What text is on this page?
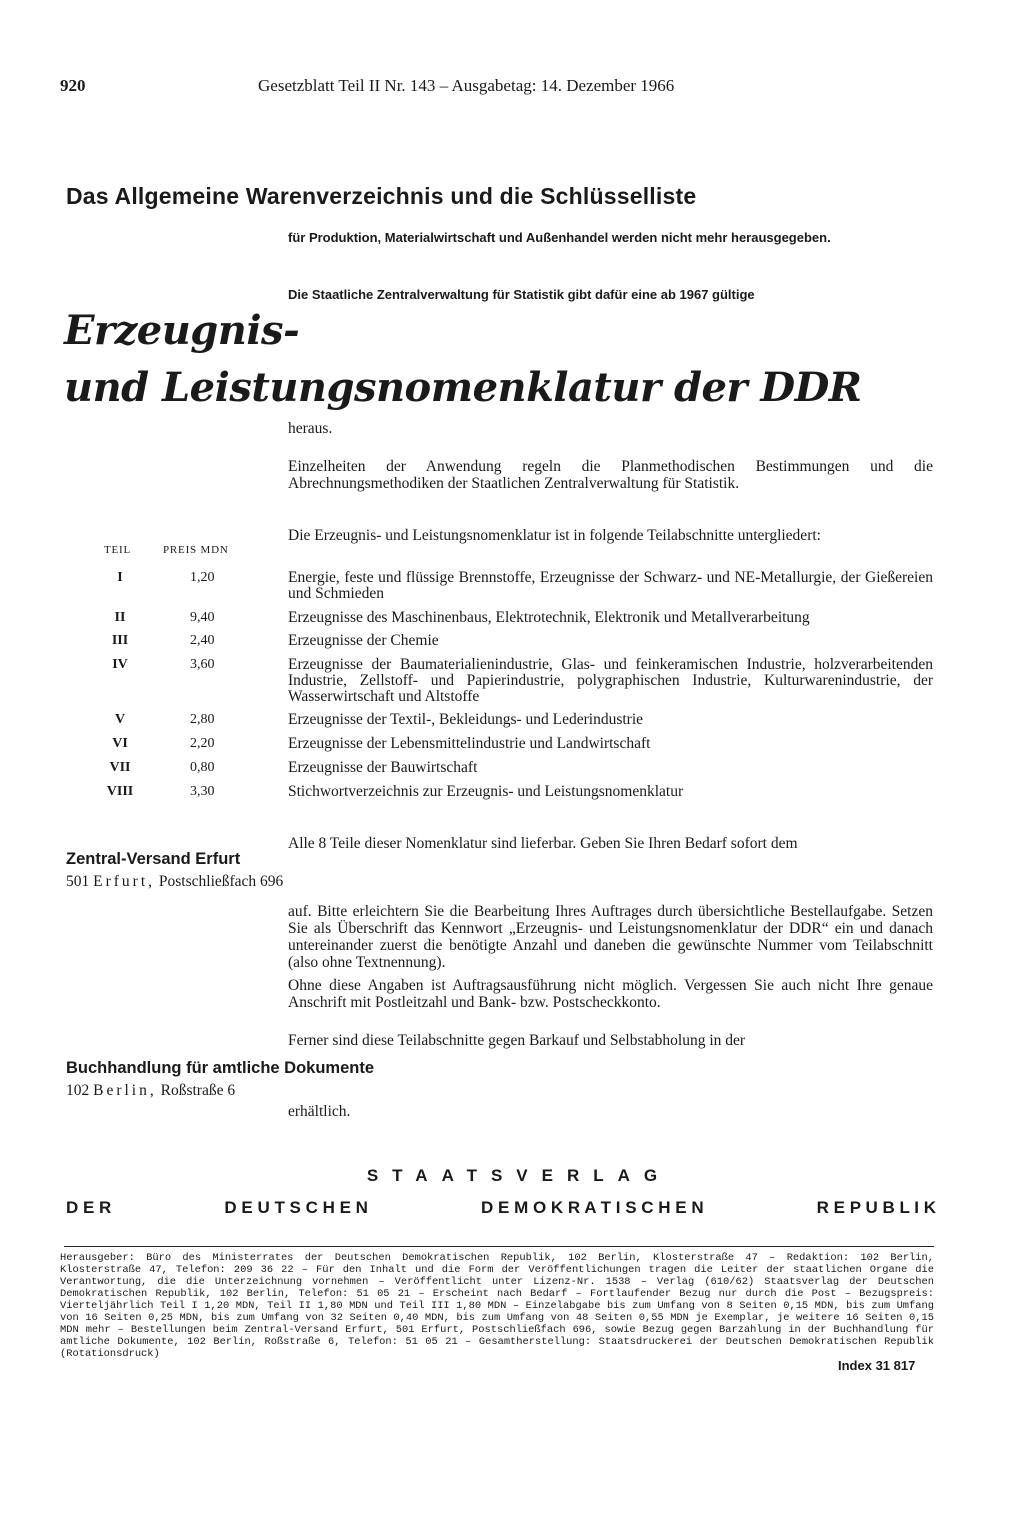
920	Gesetzblatt Teil II Nr. 143 – Ausgabetag: 14. Dezember 1966
Das Allgemeine Warenverzeichnis und die Schlüsselliste
für Produktion, Materialwirtschaft und Außenhandel werden nicht mehr herausgegeben.
Die Staatliche Zentralverwaltung für Statistik gibt dafür eine ab 1967 gültige
Erzeugnis-
und Leistungsnomenklatur der DDR
heraus.
Einzelheiten der Anwendung regeln die Planmethodischen Bestimmungen und die Abrechnungsmethodiken der Staatlichen Zentralverwaltung für Statistik.
Die Erzeugnis- und Leistungsnomenklatur ist in folgende Teilabschnitte untergliedert:
TEIL	PREIS MDN
I	1,20	Energie, feste und flüssige Brennstoffe, Erzeugnisse der Schwarz- und NE-Metallurgie, der Gießereien und Schmieden
II	9,40	Erzeugnisse des Maschinenbaus, Elektrotechnik, Elektronik und Metallverarbeitung
III	2,40	Erzeugnisse der Chemie
IV	3,60	Erzeugnisse der Baumaterialienindustrie, Glas- und feinkeramischen Industrie, holzverarbeitenden Industrie, Zellstoff- und Papierindustrie, polygraphischen Industrie, Kulturwarenindustrie, der Wasserwirtschaft und Altstoffe
V	2,80	Erzeugnisse der Textil-, Bekleidungs- und Lederindustrie
VI	2,20	Erzeugnisse der Lebensmittelindustrie und Landwirtschaft
VII	0,80	Erzeugnisse der Bauwirtschaft
VIII	3,30	Stichwortverzeichnis zur Erzeugnis- und Leistungsnomenklatur
Alle 8 Teile dieser Nomenklatur sind lieferbar. Geben Sie Ihren Bedarf sofort dem
Zentral-Versand Erfurt
501 Erfurt, Postschließfach 696
auf. Bitte erleichtern Sie die Bearbeitung Ihres Auftrages durch übersichtliche Bestellaufgabe. Setzen Sie als Überschrift das Kennwort „Erzeugnis- und Leistungsnomenklatur der DDR“ ein und danach untereinander zuerst die benötigte Anzahl und daneben die gewünschte Nummer vom Teilabschnitt (also ohne Textnennung).
Ohne diese Angaben ist Auftragsausführung nicht möglich. Vergessen Sie auch nicht Ihre genaue Anschrift mit Postleitzahl und Bank- bzw. Postscheckkonto.
Ferner sind diese Teilabschnitte gegen Barkauf und Selbstabholung in der
Buchhandlung für amtliche Dokumente
102 Berlin, Roßstraße 6
erhältlich.
STAATSVERLAG
D E R	D E U T S C H E N	D E M O K R A T I S C H E N	R E P U B L I K
Herausgeber: Büro des Ministerrates der Deutschen Demokratischen Republik, 102 Berlin, Klosterstraße 47 – Redaktion: 102 Berlin, Klosterstraße 47, Telefon: 209 36 22 – Für den Inhalt und die Form der Veröffentlichungen tragen die Leiter der staatlichen Organe die Verantwortung, die die Unterzeichnung vornehmen – Veröffentlicht unter Lizenz-Nr. 1538 – Verlag (610/62) Staatsverlag der Deutschen Demokratischen Republik, 102 Berlin, Telefon: 51 05 21 – Erscheint nach Bedarf – Fortlaufender Bezug nur durch die Post – Bezugspreis: Vierteljährlich Teil I 1,20 MDN, Teil II 1,80 MDN und Teil III 1,80 MDN – Einzelabgabe bis zum Umfang von 8 Seiten 0,15 MDN, bis zum Umfang von 16 Seiten 0,25 MDN, bis zum Umfang von 32 Seiten 0,40 MDN, bis zum Umfang von 48 Seiten 0,55 MDN je Exemplar, je weitere 16 Seiten 0,15 MDN mehr – Bestellungen beim Zentral-Versand Erfurt, 501 Erfurt, Postschließfach 696, sowie Bezug gegen Barzahlung in der Buchhandlung für amtliche Dokumente, 102 Berlin, Roßstraße 6, Telefon: 51 05 21 – Gesamtherstellung: Staatsdruckerei der Deutschen Demokratischen Republik (Rotationsdruck)
Index 31 817
